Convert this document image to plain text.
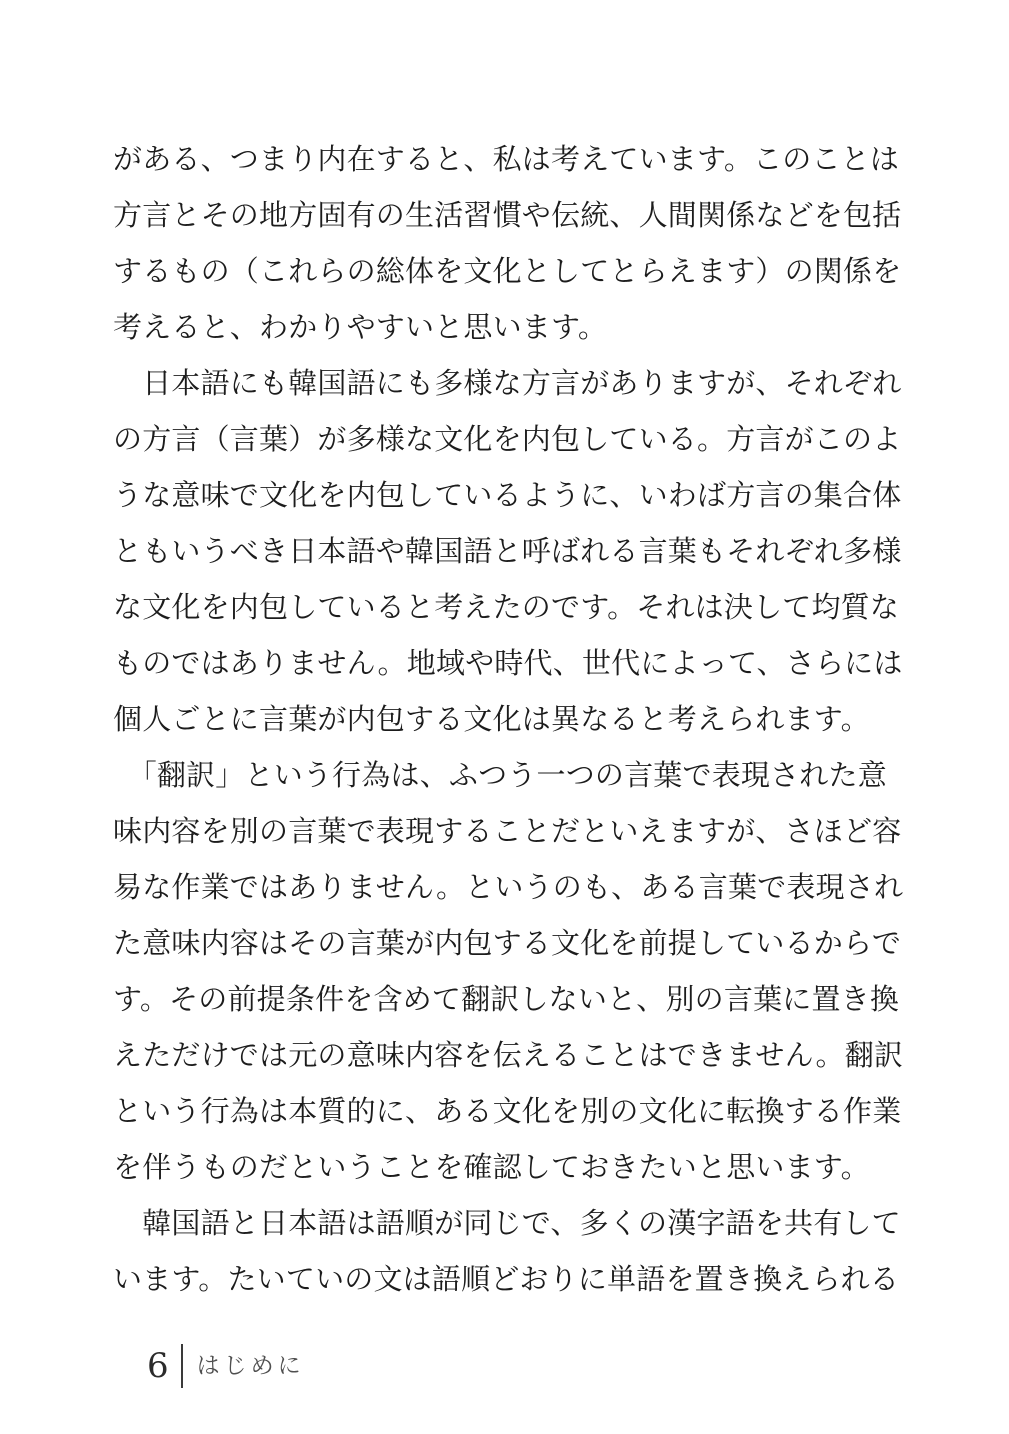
がある、つまり内在すると、私は考えています。このことは
方言とその地方固有の生活習慣や伝統、人間関係などを包括
するもの（これらの総体を文化としてとらえます）の関係を
考えると、わかりやすいと思います。
　日本語にも韓国語にも多様な方言がありますが、それぞれ
の方言（言葉）が多様な文化を内包している。方言がこのよ
うな意味で文化を内包しているように、いわば方言の集合体
ともいうべき日本語や韓国語と呼ばれる言葉もそれぞれ多様
な文化を内包していると考えたのです。それは決して均質な
ものではありません。地域や時代、世代によって、さらには
個人ごとに言葉が内包する文化は異なると考えられます。
　「翻訳」という行為は、ふつう一つの言葉で表現された意
味内容を別の言葉で表現することだといえますが、さほど容
易な作業ではありません。というのも、ある言葉で表現され
た意味内容はその言葉が内包する文化を前提しているからで
す。その前提条件を含めて翻訳しないと、別の言葉に置き換
えただけでは元の意味内容を伝えることはできません。翻訳
という行為は本質的に、ある文化を別の文化に転換する作業
を伴うものだということを確認しておきたいと思います。
　韓国語と日本語は語順が同じで、多くの漢字語を共有して
います。たいていの文は語順どおりに単語を置き換えられる
6 はじめに
